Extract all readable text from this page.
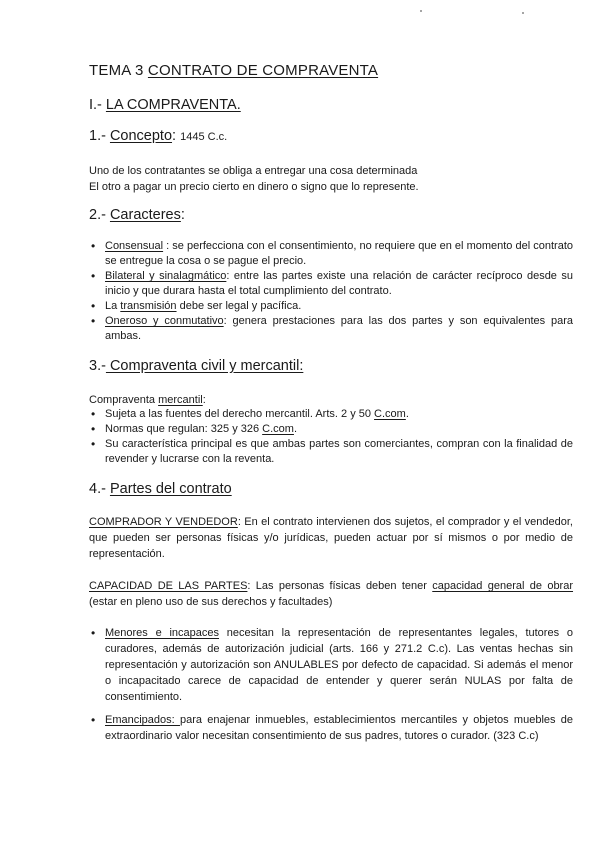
TEMA 3 CONTRATO DE COMPRAVENTA
I.- LA COMPRAVENTA.
1.- Concepto: 1445 C.c.
Uno de los contratantes se obliga a entregar una cosa determinada
El otro a pagar un precio cierto en dinero o signo que lo represente.
2.- Caracteres:
• Consensual : se perfecciona con el consentimiento, no requiere que en el momento del contrato se entregue la cosa o se pague el precio.
• Bilateral y sinalagmático: entre las partes existe una relación de carácter recíproco desde su inicio y que durara hasta el total cumplimiento del contrato.
• La transmisión debe ser legal y pacífica.
• Oneroso y conmutativo: genera prestaciones para las dos partes y son equivalentes para ambas.
3.- Compraventa civil y mercantil:
Compraventa mercantil:
• Sujeta a las fuentes del derecho mercantil. Arts. 2 y 50 C.com.
• Normas que regulan: 325 y 326 C.com.
• Su característica principal es que ambas partes son comerciantes, compran con la finalidad de revender y lucrarse con la reventa.
4.- Partes del contrato
COMPRADOR Y VENDEDOR: En el contrato intervienen dos sujetos, el comprador y el vendedor, que pueden ser personas físicas y/o jurídicas, pueden actuar por sí mismos o por medio de representación.
CAPACIDAD DE LAS PARTES: Las personas físicas deben tener capacidad general de obrar (estar en pleno uso de sus derechos y facultades)
• Menores e incapaces necesitan la representación de representantes legales, tutores o curadores, además de autorización judicial (arts. 166 y 271.2 C.c). Las ventas hechas sin representación y autorización son ANULABLES por defecto de capacidad. Si además el menor o incapacitado carece de capacidad de entender y querer serán NULAS por falta de consentimiento.
• Emancipados: para enajenar inmuebles, establecimientos mercantiles y objetos muebles de extraordinario valor necesitan consentimiento de sus padres, tutores o curador. (323 C.c)
